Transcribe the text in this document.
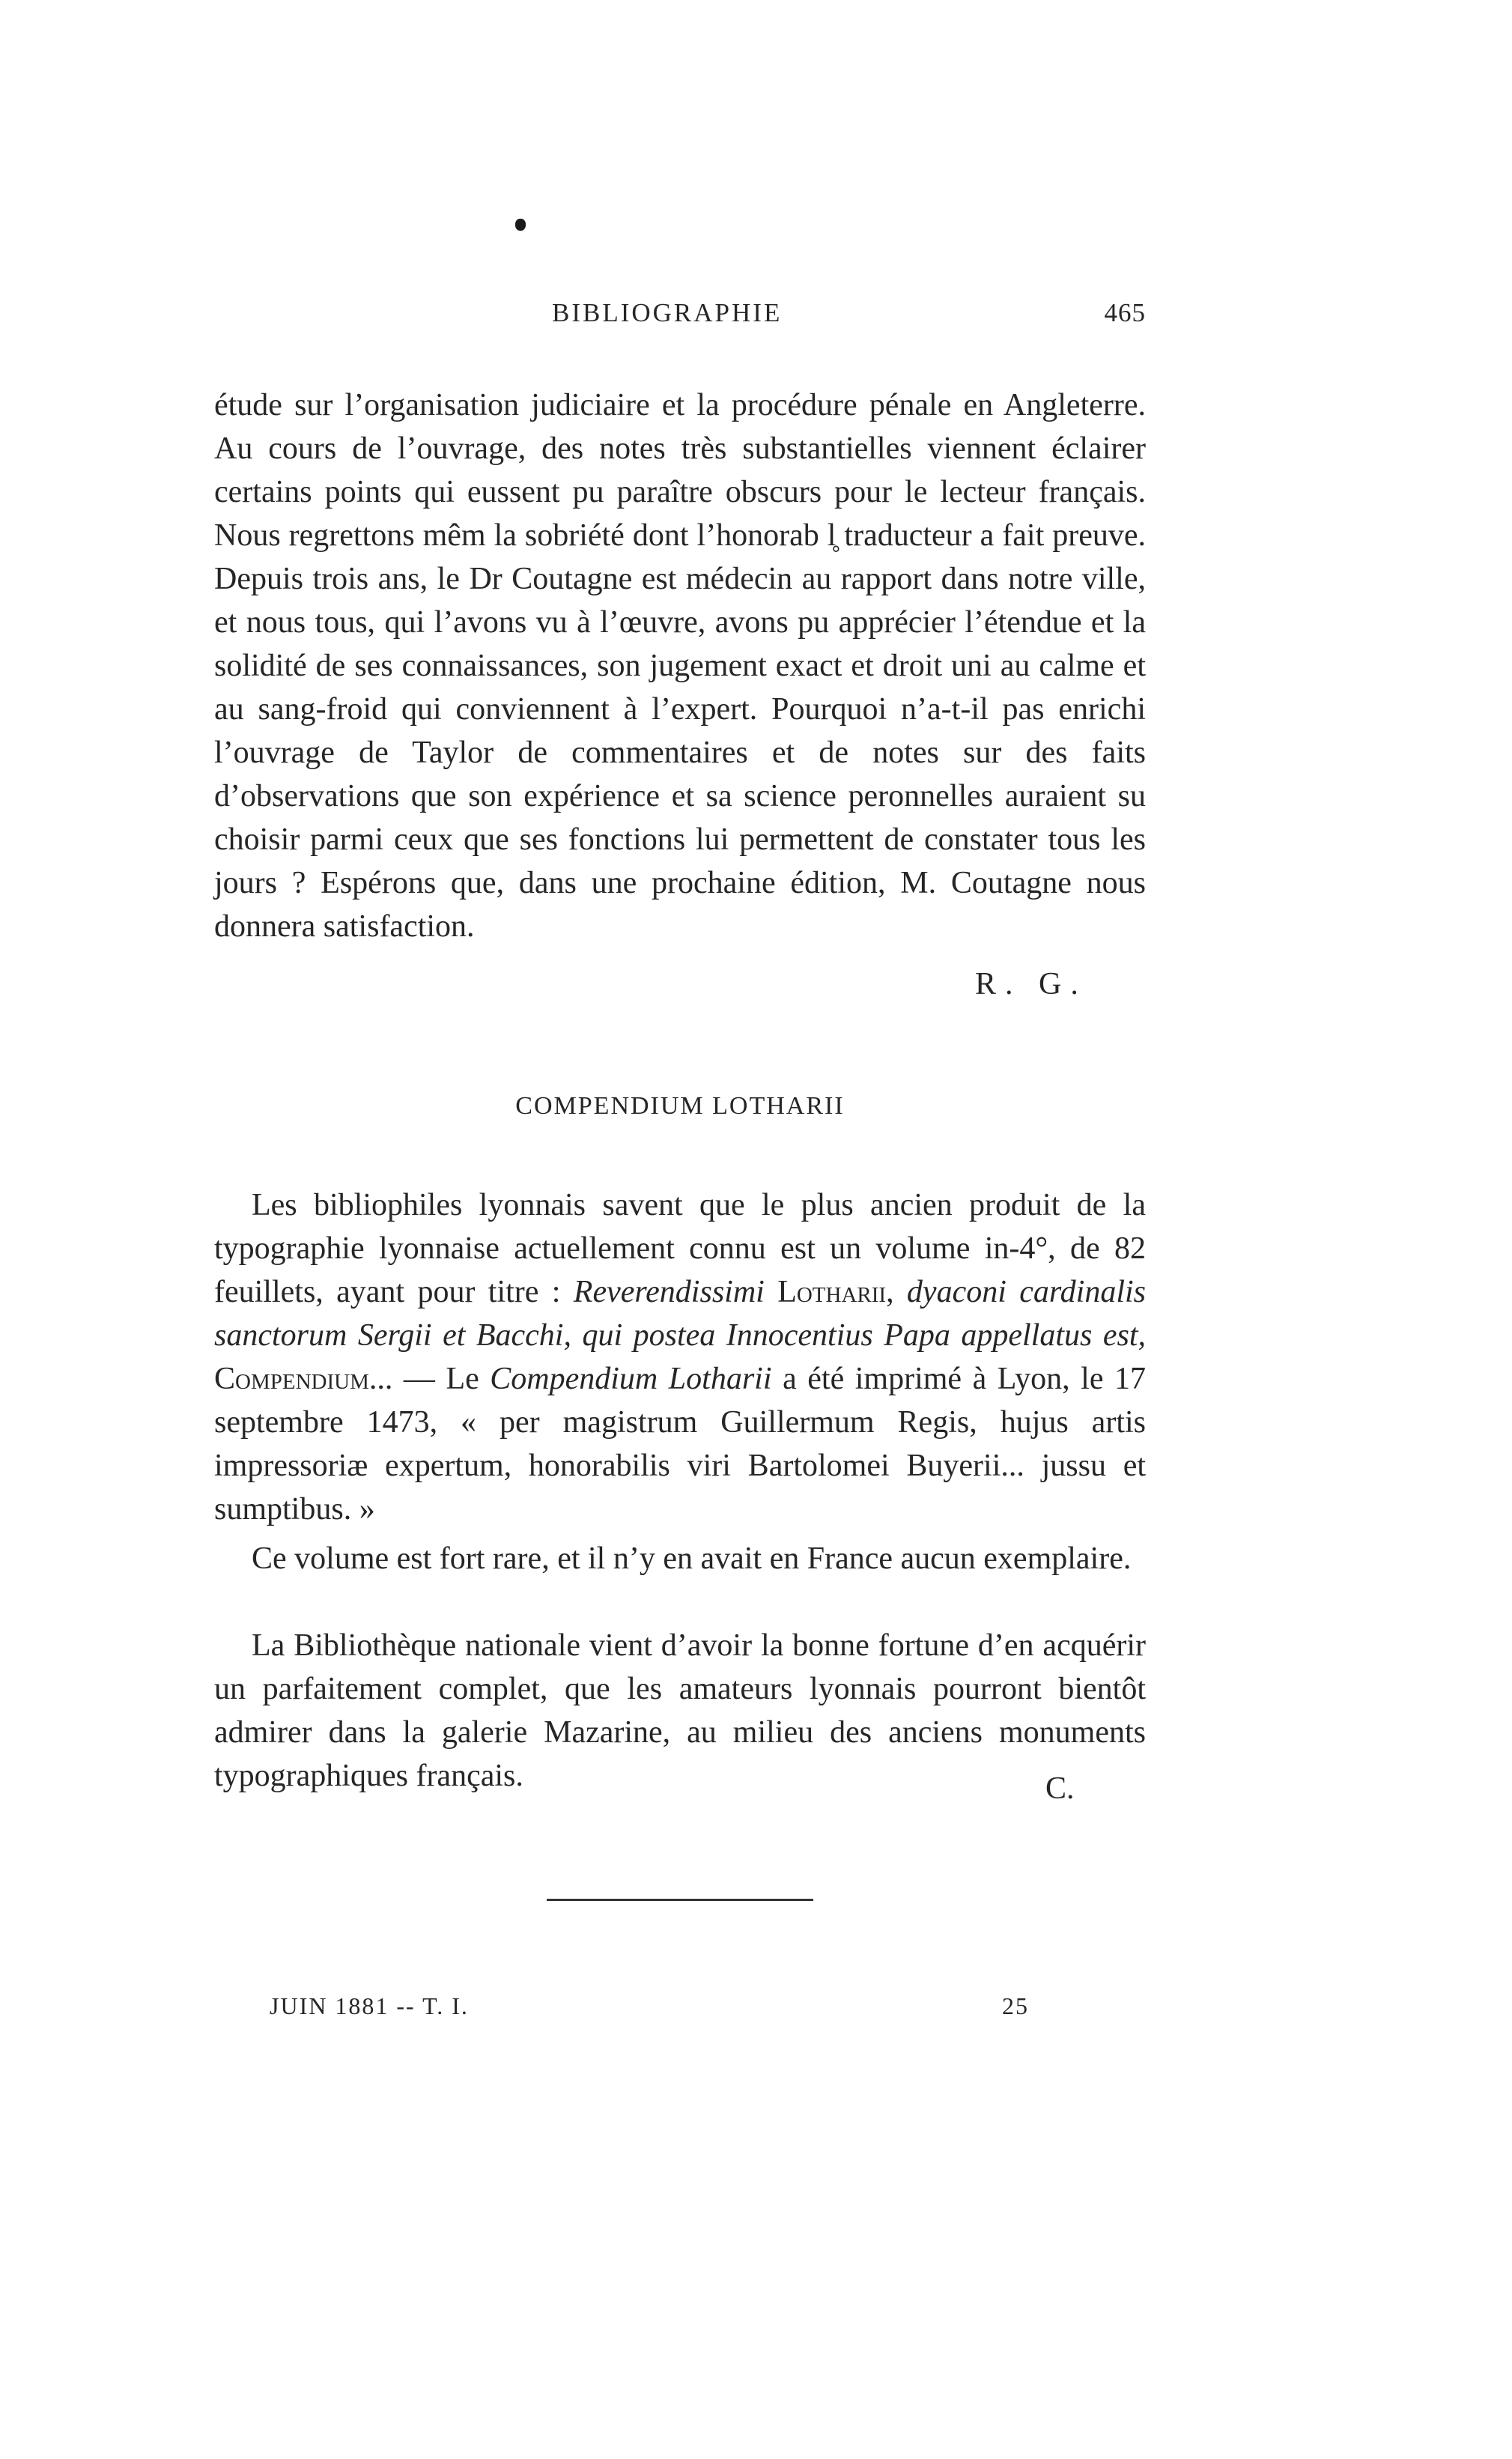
BIBLIOGRAPHIE	465

étude sur l’organisation judiciaire et la procédure pénale en Angleterre. Au cours de l’ouvrage, des notes très substantielles viennent éclairer certains points qui eussent pu paraître obscurs pour le lecteur français. Nous regrettons mêm la sobriété dont l’honorab l̥ traducteur a fait preuve. Depuis trois ans, le Dr Coutagne est médecin au rapport dans notre ville, et nous tous, qui l’avons vu à l’œuvre, avons pu apprécier l’étendue et la solidité de ses connaissances, son jugement exact et droit uni au calme et au sang-froid qui conviennent à l’expert. Pourquoi n’a-t-il pas enrichi l’ouvrage de Taylor de commentaires et de notes sur des faits d’observations que son expérience et sa science peronnelles auraient su choisir parmi ceux que ses fonctions lui permettent de constater tous les jours ? Espérons que, dans une prochaine édition, M. Coutagne nous donnera satisfaction.

R. G.
COMPENDIUM LOTHARII

Les bibliophiles lyonnais savent que le plus ancien produit de la typographie lyonnaise actuellement connu est un volume in-4°, de 82 feuillets, ayant pour titre : Reverendissimi Lotharii, dyaconi cardinalis sanctorum Sergii et Bacchi, qui postea Innocentius Papa appellatus est, Compendium... — Le Compendium Lotharii a été imprimé à Lyon, le 17 septembre 1473, « per magistrum Guillermum Regis, hujus artis impressoriæ expertum, honorabilis viri Bartolomei Buyerii... jussu et sumptibus. »

Ce volume est fort rare, et il n’y en avait en France aucun exemplaire.

La Bibliothèque nationale vient d’avoir la bonne fortune d’en acquérir un parfaitement complet, que les amateurs lyonnais pourront bientôt admirer dans la galerie Mazarine, au milieu des anciens monuments typographiques français.	C.
JUIN 1881 -- T. I.	25
